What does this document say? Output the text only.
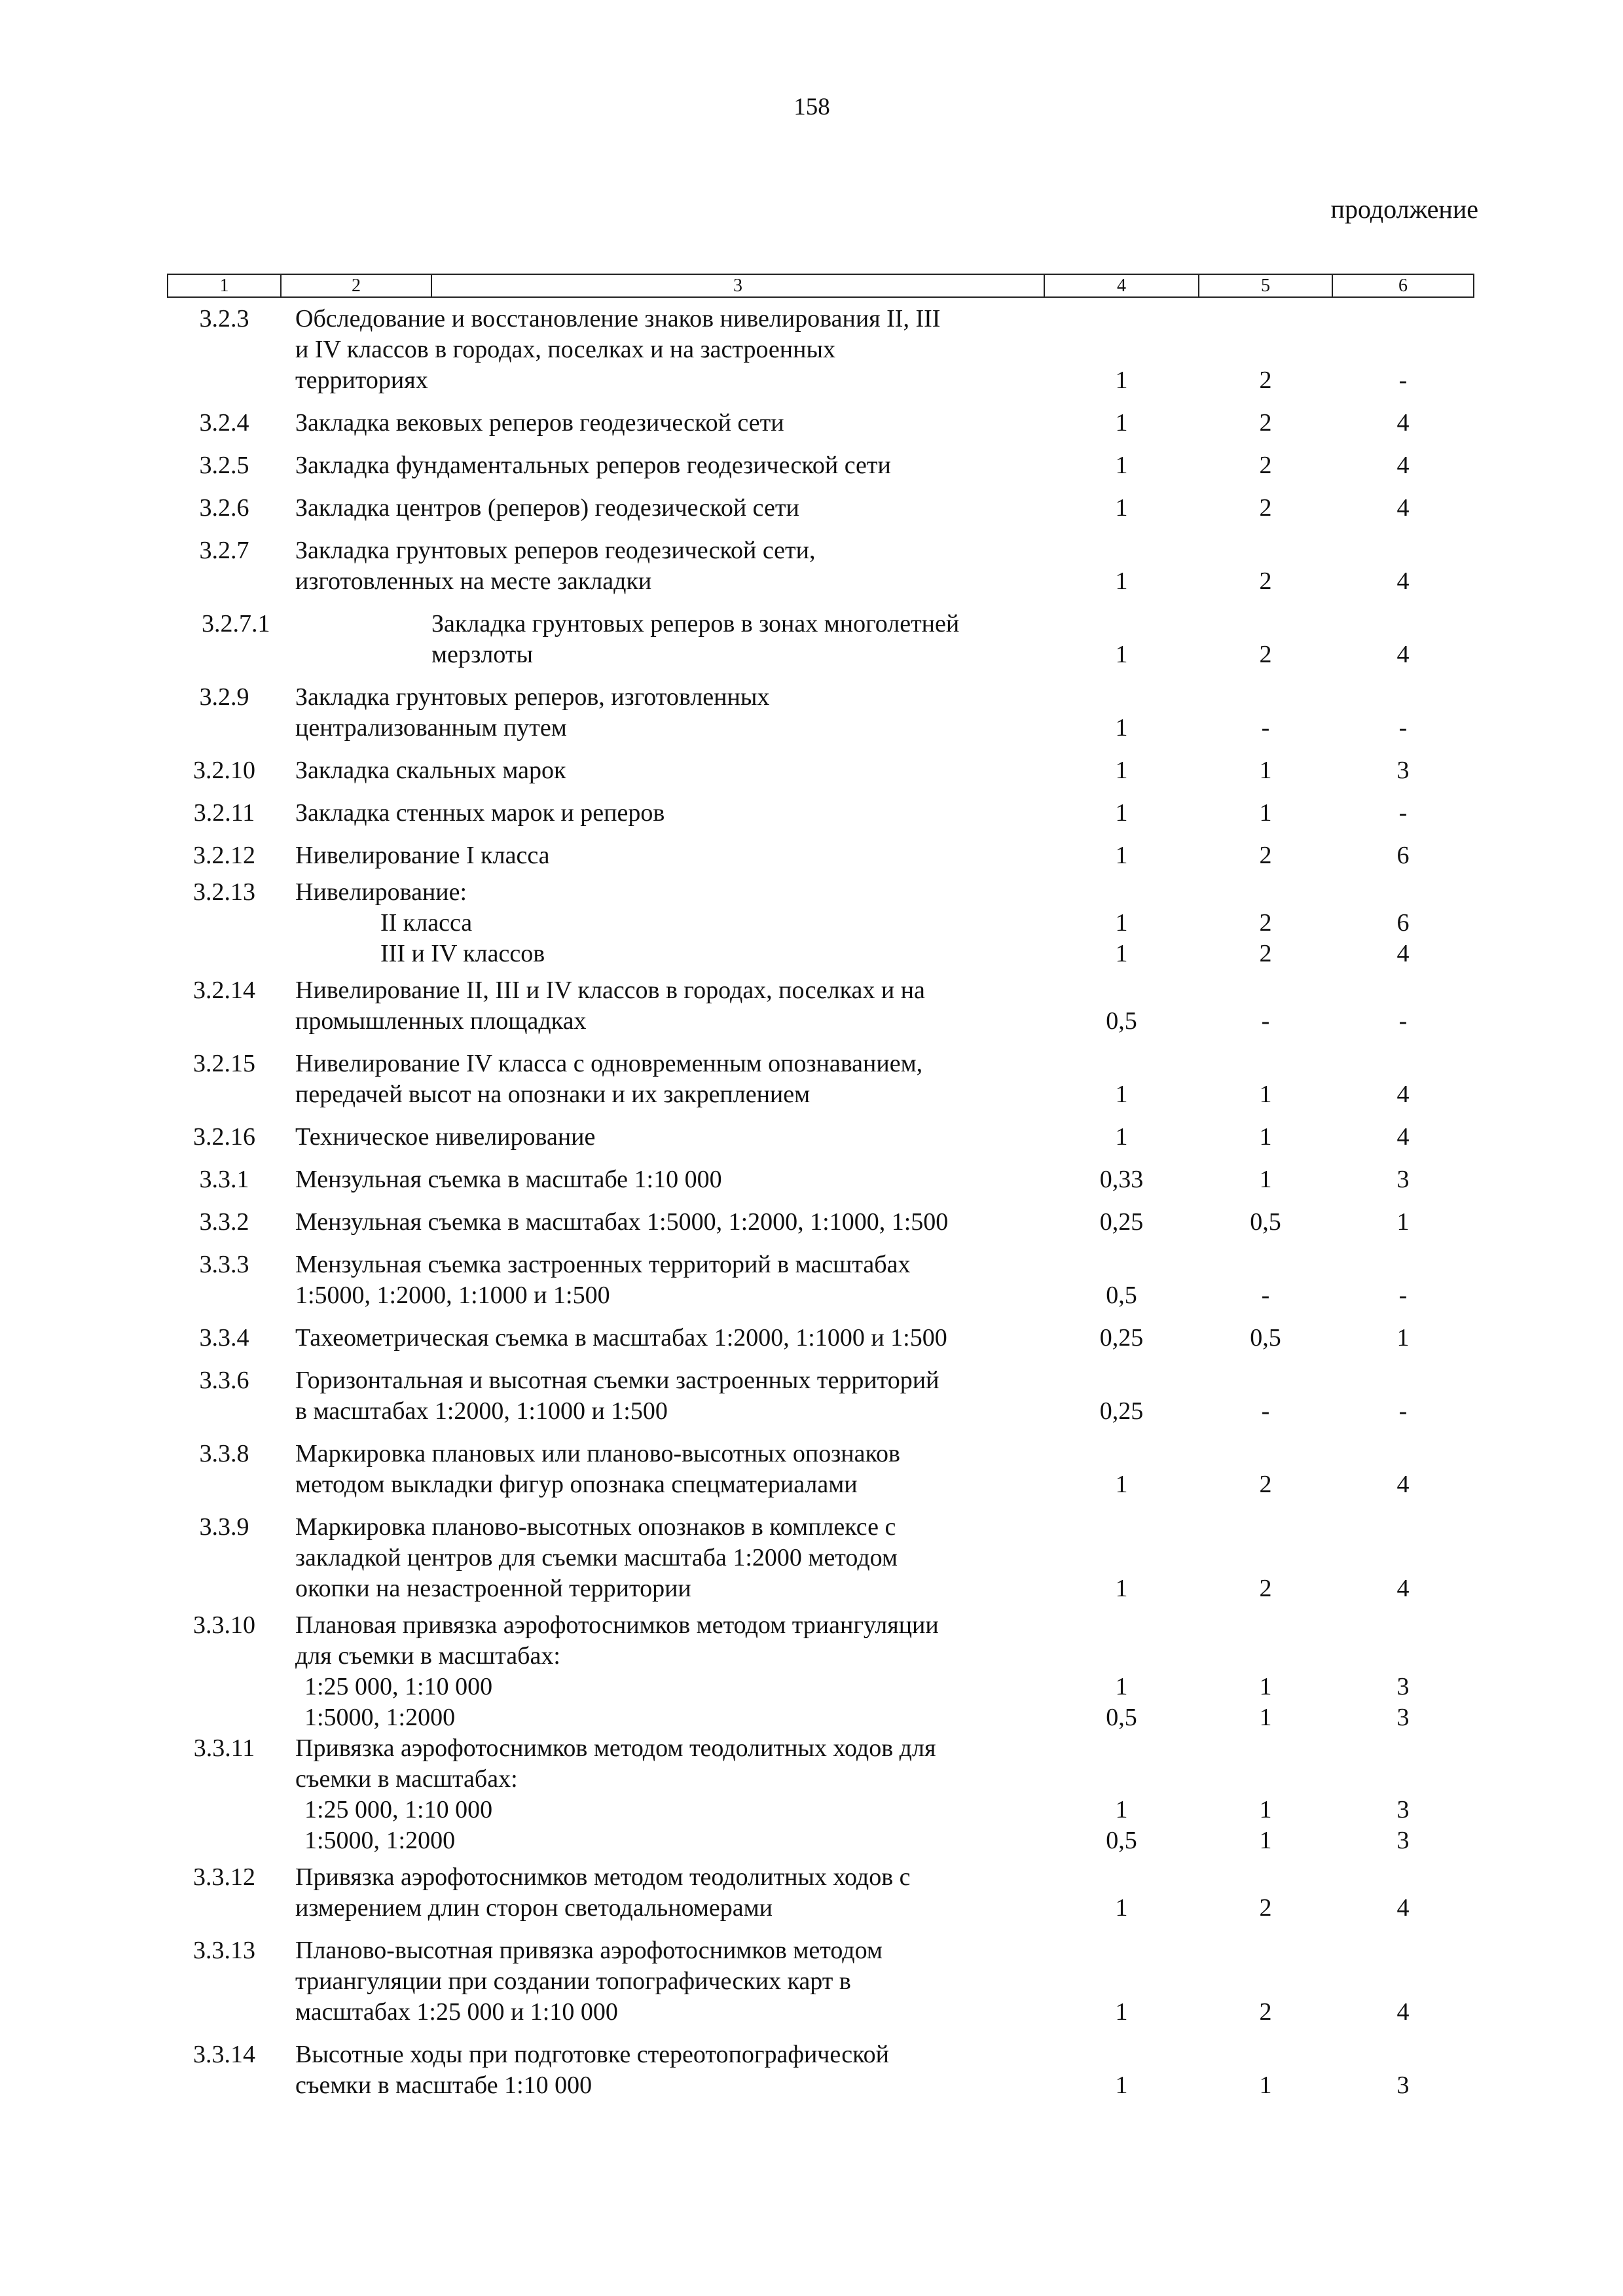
158
продолжение
1	2	3	4	5	6
3.2.3	Обследование и восстановление знаков нивелирования II, III
и IV классов в городах, поселках и на застроенных
территориях		1	2	-
3.2.4	Закладка вековых реперов геодезической сети		1	2	4
3.2.5	Закладка фундаментальных реперов геодезической сети		1	2	4
3.2.6	Закладка центров (реперов) геодезической сети		1	2	4
3.2.7	Закладка грунтовых реперов геодезической сети,
изготовленных на месте закладки		1	2	4
3.2.7.1		Закладка грунтовых реперов в зонах многолетней
мерзлоты	1	2	4
3.2.9	Закладка грунтовых реперов, изготовленных
централизованным путем		1	-	-
3.2.10	Закладка скальных марок		1	1	3
3.2.11	Закладка стенных марок и реперов		1	1	-
3.2.12	Нивелирование I класса		1	2	6
3.2.13	Нивелирование:				

	II класса		1	2	6

	III и IV классов		1	2	4
3.2.14	Нивелирование II, III и IV классов в городах, поселках и на
промышленных площадках		0,5	-	-
3.2.15	Нивелирование IV класса с одновременным опознаванием,
передачей высот на опознаки и их закреплением		1	1	4
3.2.16	Техническое нивелирование		1	1	4
3.3.1	Мензульная съемка в масштабе 1:10 000		0,33	1	3
3.3.2	Мензульная съемка в масштабах 1:5000, 1:2000, 1:1000, 1:500		0,25	0,5	1
3.3.3	Мензульная съемка застроенных территорий в масштабах
1:5000, 1:2000, 1:1000 и 1:500		0,5	-	-
3.3.4	Тахеометрическая съемка в масштабах 1:2000, 1:1000 и 1:500		0,25	0,5	1
3.3.6	Горизонтальная и высотная съемки застроенных территорий
в масштабах 1:2000, 1:1000 и 1:500		0,25	-	-
3.3.8	Маркировка плановых или планово-высотных опознаков
методом выкладки фигур опознака спецматериалами		1	2	4
3.3.9	Маркировка планово-высотных опознаков в комплексе с
закладкой центров для съемки масштаба 1:2000 методом
окопки на незастроенной территории		1	2	4
3.3.10	Плановая привязка аэрофотоснимков методом триангуляции
для съемки в масштабах:				

	1:25 000, 1:10 000		1	1	3

	1:5000, 1:2000		0,5	1	3
3.3.11	Привязка аэрофотоснимков методом теодолитных ходов для
съемки в масштабах:				

	1:25 000, 1:10 000		1	1	3

	1:5000, 1:2000		0,5	1	3
3.3.12	Привязка аэрофотоснимков методом теодолитных ходов с
измерением длин сторон светодальномерами		1	2	4
3.3.13	Планово-высотная привязка аэрофотоснимков методом
триангуляции при создании топографических карт в
масштабах 1:25 000 и 1:10 000		1	2	4
3.3.14	Высотные ходы при подготовке стереотопографической
съемки в масштабе 1:10 000		1	1	3
